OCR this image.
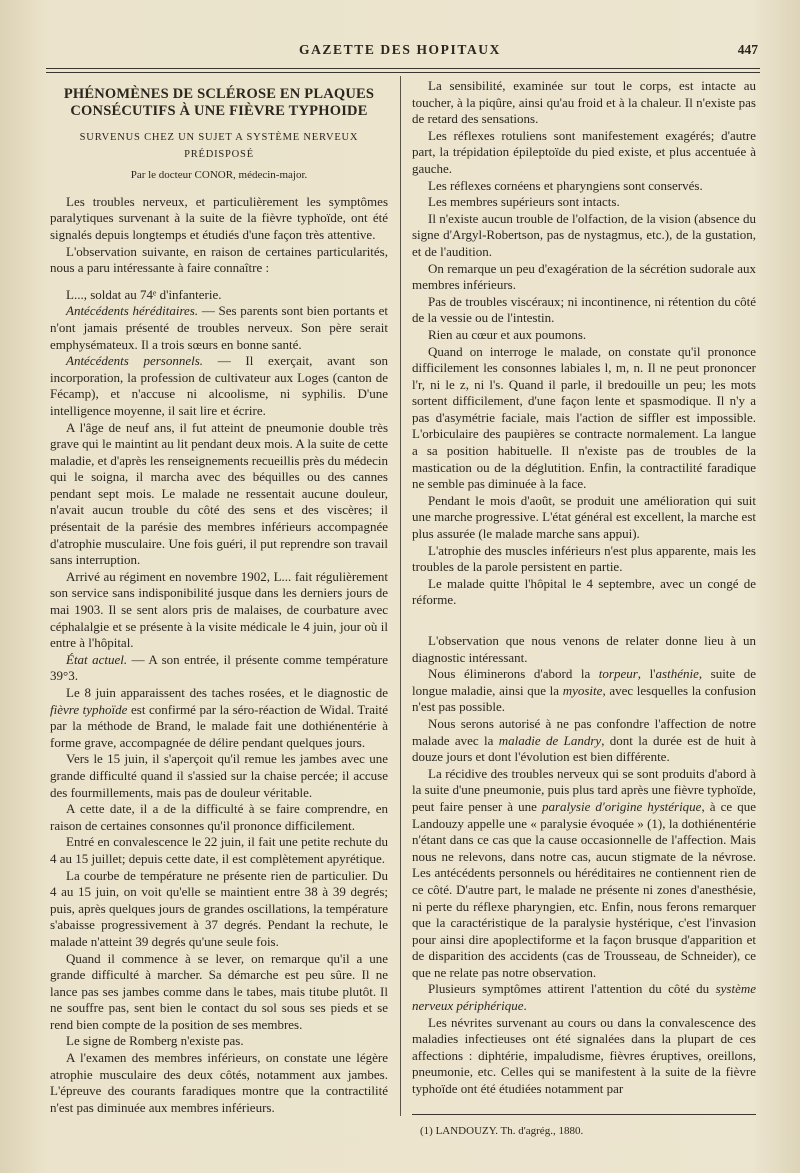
GAZETTE DES HOPITAUX	447
PHÉNOMÈNES DE SCLÉROSE EN PLAQUES CONSÉCUTIFS À UNE FIÈVRE TYPHOIDE
SURVENUS CHEZ UN SUJET A SYSTÈME NERVEUX PRÉDISPOSÉ
Par le docteur CONOR, médecin-major.

Les troubles nerveux, et particulièrement les symptômes paralytiques survenant à la suite de la fièvre typhoïde, ont été signalés depuis longtemps et étudiés d'une façon très attentive.

L'observation suivante, en raison de certaines particularités, nous a paru intéressante à faire connaître :

L..., soldat au 74ᵉ d'infanterie.

Antécédents héréditaires. — Ses parents sont bien portants et n'ont jamais présenté de troubles nerveux. Son père serait emphysémateux. Il a trois sœurs en bonne santé.

Antécédents personnels. — Il exerçait, avant son incorporation, la profession de cultivateur aux Loges (canton de Fécamp), et n'accuse ni alcoolisme, ni syphilis. D'une intelligence moyenne, il sait lire et écrire.

A l'âge de neuf ans, il fut atteint de pneumonie double très grave qui le maintint au lit pendant deux mois. A la suite de cette maladie, et d'après les renseignements recueillis près du médecin qui le soigna, il marcha avec des béquilles ou des cannes pendant sept mois. Le malade ne ressentait aucune douleur, n'avait aucun trouble du côté des sens et des viscères; il présentait de la parésie des membres inférieurs accompagnée d'atrophie musculaire. Une fois guéri, il put reprendre son travail sans interruption.

Arrivé au régiment en novembre 1902, L... fait régulièrement son service sans indisponibilité jusque dans les derniers jours de mai 1903. Il se sent alors pris de malaises, de courbature avec céphalalgie et se présente à la visite médicale le 4 juin, jour où il entre à l'hôpital.

État actuel. — A son entrée, il présente comme température 39°3.

Le 8 juin apparaissent des taches rosées, et le diagnostic de fièvre typhoïde est confirmé par la séro-réaction de Widal. Traité par la méthode de Brand, le malade fait une dothiénentérie à forme grave, accompagnée de délire pendant quelques jours.

Vers le 15 juin, il s'aperçoit qu'il remue les jambes avec une grande difficulté quand il s'assied sur la chaise percée; il accuse des fourmillements, mais pas de douleur véritable.

A cette date, il a de la difficulté à se faire comprendre, en raison de certaines consonnes qu'il prononce difficilement.

Entré en convalescence le 22 juin, il fait une petite rechute du 4 au 15 juillet; depuis cette date, il est complètement apyrétique.

La courbe de température ne présente rien de particulier. Du 4 au 15 juin, on voit qu'elle se maintient entre 38 à 39 degrés; puis, après quelques jours de grandes oscillations, la température s'abaisse progressivement à 37 degrés. Pendant la rechute, le malade n'atteint 39 degrés qu'une seule fois.

Quand il commence à se lever, on remarque qu'il a une grande difficulté à marcher. Sa démarche est peu sûre. Il ne lance pas ses jambes comme dans le tabes, mais titube plutôt. Il ne souffre pas, sent bien le contact du sol sous ses pieds et se rend bien compte de la position de ses membres.

Le signe de Romberg n'existe pas.

A l'examen des membres inférieurs, on constate une légère atrophie musculaire des deux côtés, notamment aux jambes. L'épreuve des courants faradiques montre que la contractilité n'est pas diminuée aux membres inférieurs.

La sensibilité, examinée sur tout le corps, est intacte au toucher, à la piqûre, ainsi qu'au froid et à la chaleur. Il n'existe pas de retard des sensations.

Les réflexes rotuliens sont manifestement exagérés; d'autre part, la trépidation épileptoïde du pied existe, et plus accentuée à gauche.

Les réflexes cornéens et pharyngiens sont conservés.

Les membres supérieurs sont intacts.

Il n'existe aucun trouble de l'olfaction, de la vision (absence du signe d'Argyl-Robertson, pas de nystagmus, etc.), de la gustation, et de l'audition.

On remarque un peu d'exagération de la sécrétion sudorale aux membres inférieurs.

Pas de troubles viscéraux; ni incontinence, ni rétention du côté de la vessie ou de l'intestin.

Rien au cœur et aux poumons.

Quand on interroge le malade, on constate qu'il prononce difficilement les consonnes labiales l, m, n. Il ne peut prononcer l'r, ni le z, ni l's. Quand il parle, il bredouille un peu; les mots sortent difficilement, d'une façon lente et spasmodique. Il n'y a pas d'asymétrie faciale, mais l'action de siffler est impossible. L'orbiculaire des paupières se contracte normalement. La langue a sa position habituelle. Il n'existe pas de troubles de la mastication ou de la déglutition. Enfin, la contractilité faradique ne semble pas diminuée à la face.

Pendant le mois d'août, se produit une amélioration qui suit une marche progressive. L'état général est excellent, la marche est plus assurée (le malade marche sans appui).

L'atrophie des muscles inférieurs n'est plus apparente, mais les troubles de la parole persistent en partie.

Le malade quitte l'hôpital le 4 septembre, avec un congé de réforme.

L'observation que nous venons de relater donne lieu à un diagnostic intéressant.

Nous éliminerons d'abord la torpeur, l'asthénie, suite de longue maladie, ainsi que la myosite, avec lesquelles la confusion n'est pas possible.

Nous serons autorisé à ne pas confondre l'affection de notre malade avec la maladie de Landry, dont la durée est de huit à douze jours et dont l'évolution est bien différente.

La récidive des troubles nerveux qui se sont produits d'abord à la suite d'une pneumonie, puis plus tard après une fièvre typhoïde, peut faire penser à une paralysie d'origine hystérique, à ce que Landouzy appelle une « paralysie évoquée » (1), la dothiénentérie n'étant dans ce cas que la cause occasionnelle de l'affection. Mais nous ne relevons, dans notre cas, aucun stigmate de la névrose. Les antécédents personnels ou héréditaires ne contiennent rien de ce côté. D'autre part, le malade ne présente ni zones d'anesthésie, ni perte du réflexe pharyngien, etc. Enfin, nous ferons remarquer que la caractéristique de la paralysie hystérique, c'est l'invasion pour ainsi dire apoplectiforme et la façon brusque d'apparition et de disparition des accidents (cas de Trousseau, de Schneider), ce que ne relate pas notre observation.

Plusieurs symptômes attirent l'attention du côté du système nerveux périphérique.

Les névrites survenant au cours ou dans la convalescence des maladies infectieuses ont été signalées dans la plupart de ces affections : diphtérie, impaludisme, fièvres éruptives, oreillons, pneumonie, etc. Celles qui se manifestent à la suite de la fièvre typhoïde ont été étudiées notamment par

(1) LANDOUZY. Th. d'agrég., 1880.
